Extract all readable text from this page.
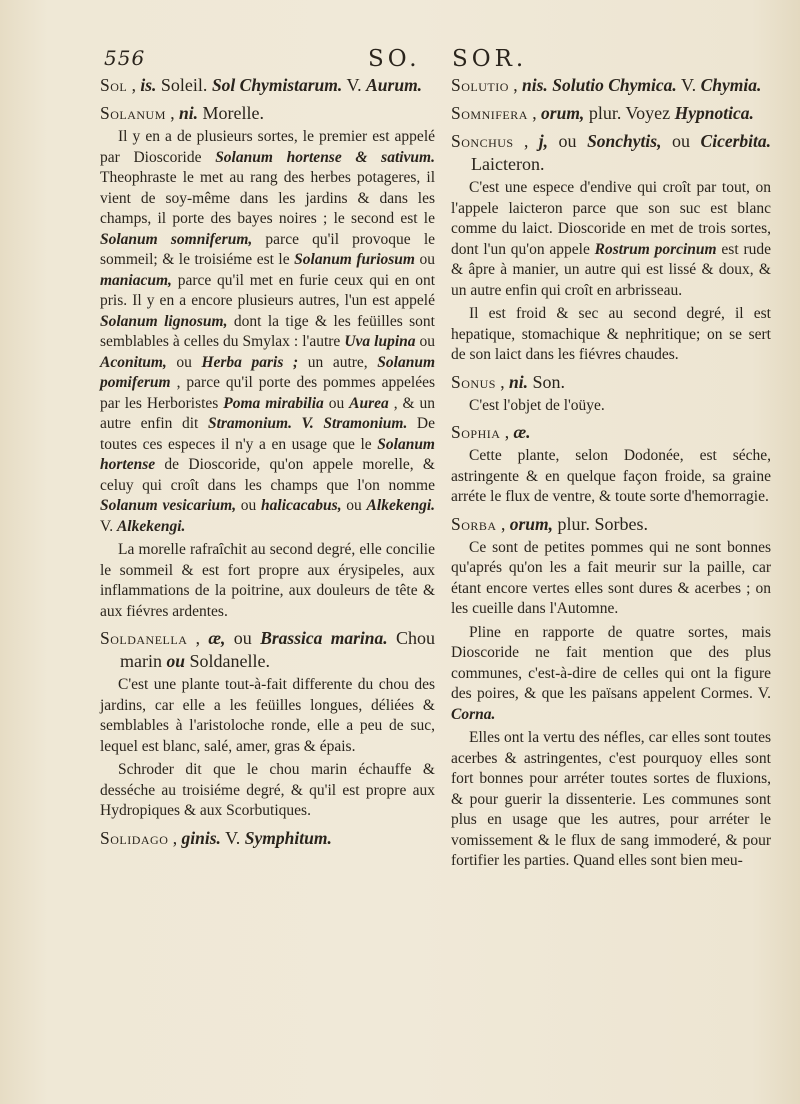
556	SO. SOR.
Sol , is. Soleil. Sol Chymistarum. V. Aurum.
Solanum , ni. Morelle.
Il y en a de plusieurs sortes, le premier est appelé par Dioscoride Solanum hortense & sativum. Theophraste le met au rang des herbes potageres, il vient de soy-même dans les jardins & dans les champs, il porte des bayes noires ; le second est le Solanum somniferum, parce qu'il provoque le sommeil; & le troisiéme est le Solanum furiosum ou maniacum, parce qu'il met en furie ceux qui en ont pris. Il y en a encore plusieurs autres, l'un est appelé Solanum lignosum, dont la tige & les feüilles sont semblables à celles du Smylax : l'autre Uva lupina ou Aconitum, ou Herba paris ; un autre, Solanum pomiferum , parce qu'il porte des pommes appelées par les Herboristes Poma mirabilia ou Aurea , & un autre enfin dit Stramonium. V. Stramonium. De toutes ces especes il n'y a en usage que le Solanum hortense de Dioscoride, qu'on appele morelle, & celuy qui croît dans les champs que l'on nomme Solanum vesicarium, ou halicacabus, ou Alkekengi. V. Alkekengi.
La morelle rafraîchit au second degré, elle concilie le sommeil & est fort propre aux érysipeles, aux inflammations de la poitrine, aux douleurs de tête & aux fiévres ardentes.
Soldanella , æ, ou Brassica marina. Chou marin ou Soldanelle.
C'est une plante tout-à-fait differente du chou des jardins, car elle a les feüilles longues, déliées & semblables à l'aristoloche ronde, elle a peu de suc, lequel est blanc, salé, amer, gras & épais.
Schroder dit que le chou marin échauffe & desséche au troisiéme degré, & qu'il est propre aux Hydropiques & aux Scorbutiques.
Solidago , ginis. V. Symphitum.
Solutio , nis. Solutio Chymica. V. Chymia.
Somnifera , orum, plur. Voyez Hypnotica.
Sonchus , j, ou Sonchytis, ou Cicerbita. Laicteron.
C'est une espece d'endive qui croît par tout, on l'appele laicteron parce que son suc est blanc comme du laict. Dioscoride en met de trois sortes, dont l'un qu'on appele Rostrum porcinum est rude & âpre à manier, un autre qui est lissé & doux, & un autre enfin qui croît en arbrisseau.
Il est froid & sec au second degré, il est hepatique, stomachique & nephritique; on se sert de son laict dans les fiévres chaudes.
Sonus , ni. Son.
C'est l'objet de l'oüye.
Sophia , æ.
Cette plante, selon Dodonée, est séche, astringente & en quelque façon froide, sa graine arréte le flux de ventre, & toute sorte d'hemorragie.
Sorba , orum, plur. Sorbes.
Ce sont de petites pommes qui ne sont bonnes qu'aprés qu'on les a fait meurir sur la paille, car étant encore vertes elles sont dures & acerbes ; on les cueille dans l'Automne.
Pline en rapporte de quatre sortes, mais Dioscoride ne fait mention que des plus communes, c'est-à-dire de celles qui ont la figure des poires, & que les païsans appelent Cormes. V. Corna.
Elles ont la vertu des néfles, car elles sont toutes acerbes & astringentes, c'est pourquoy elles sont fort bonnes pour arréter toutes sortes de fluxions, & pour guerir la dissenterie. Les communes sont plus en usage que les autres, pour arréter le vomissement & le flux de sang immoderé, & pour fortifier les parties. Quand elles sont bien meu-
